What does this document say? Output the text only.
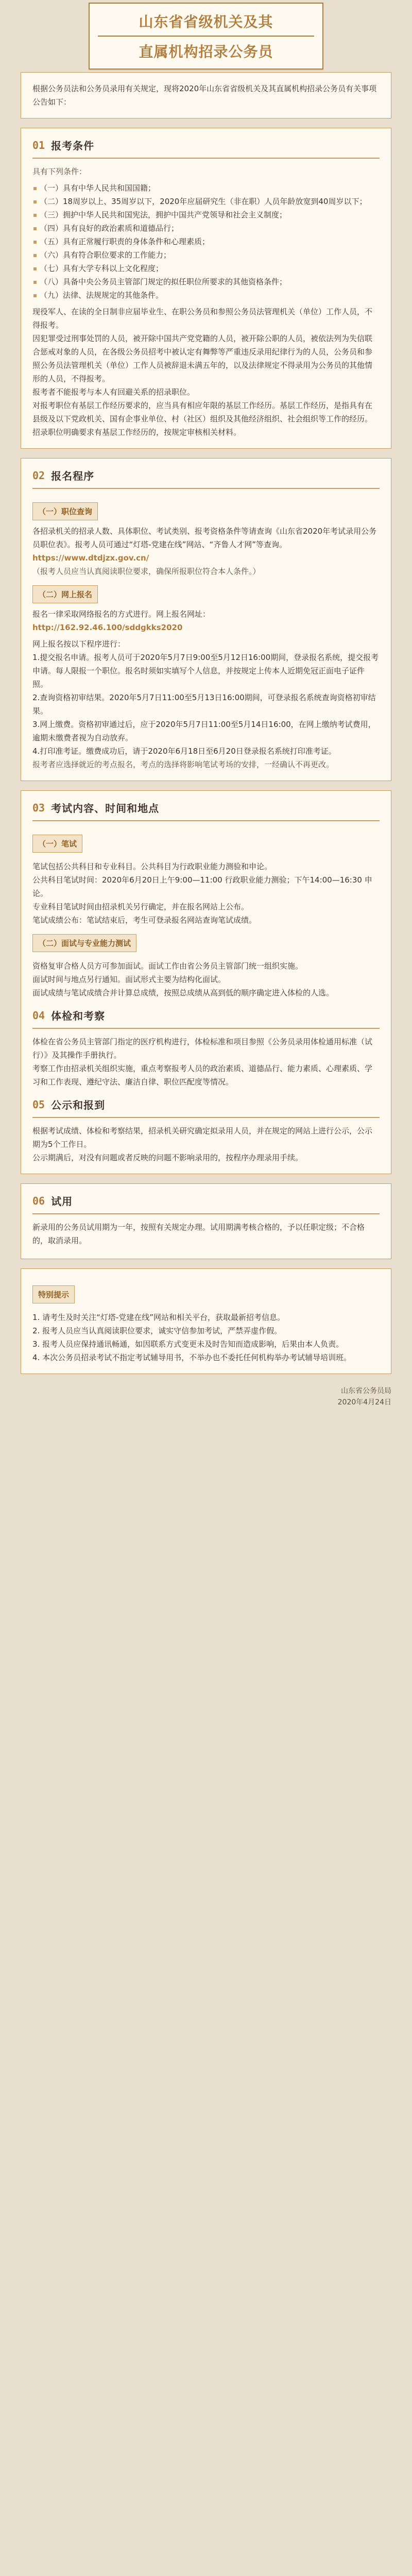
山东省省级机关及其
直属机构招录公务员
根据公务员法和公务员录用有关规定，现将2020年山东省省级机关及其直属机构招录公务员有关事项公告如下：
01 报考条件
具有下列条件：
（一）具有中华人民共和国国籍；
（二）18周岁以上、35周岁以下，2020年应届研究生（非在职）人员年龄放宽到40周岁以下；
（三）拥护中华人民共和国宪法，拥护中国共产党领导和社会主义制度；
（四）具有良好的政治素质和道德品行；
（五）具有正常履行职责的身体条件和心理素质；
（六）具有符合职位要求的工作能力；
（七）具有大学专科以上文化程度；
（八）具备中央公务员主管部门规定的拟任职位所要求的其他资格条件；
（九）法律、法规规定的其他条件。
现役军人、在读的全日制非应届毕业生、在职公务员和参照公务员法管理机关（单位）工作人员，不得报考。
因犯罪受过刑事处罚的人员，被开除中国共产党党籍的人员，被开除公职的人员，被依法列为失信联合惩戒对象的人员，在各级公务员招考中被认定有舞弊等严重违反录用纪律行为的人员，公务员和参照公务员法管理机关（单位）工作人员被辞退未满五年的，以及法律规定不得录用为公务员的其他情形的人员，不得报考。
报考者不能报考与本人有回避关系的招录职位。
对报考职位有基层工作经历要求的，应当具有相应年限的基层工作经历。基层工作经历，是指具有在县级及以下党政机关、国有企事业单位、村（社区）组织及其他经济组织、社会组织等工作的经历。
招录职位明确要求有基层工作经历的，按规定审核相关材料。
02 报名程序
（一）职位查询
各招录机关的招录人数、具体职位、考试类别、报考资格条件等请查询《山东省2020年考试录用公务员职位表》。报考人员可通过“灯塔-党建在线”网站、“齐鲁人才网”等查询。
https://www.dtdjzx.gov.cn/
（报考人员应当认真阅读职位要求，确保所报职位符合本人条件。）
（二）网上报名
报名一律采取网络报名的方式进行。网上报名网址：
http://162.92.46.100/sddgkks2020
网上报名按以下程序进行：
1.提交报名申请。报考人员可于2020年5月7日9:00至5月12日16:00期间，登录报名系统，提交报考申请。每人限报一个职位。报名时须如实填写个人信息，并按规定上传本人近期免冠正面电子证件照。
2.查询资格初审结果。2020年5月7日11:00至5月13日16:00期间，可登录报名系统查询资格初审结果。
3.网上缴费。资格初审通过后，应于2020年5月7日11:00至5月14日16:00，在网上缴纳考试费用，逾期未缴费者视为自动放弃。
4.打印准考证。缴费成功后，请于2020年6月18日至6月20日登录报名系统打印准考证。
报考者应选择就近的考点报名，考点的选择将影响笔试考场的安排，一经确认不再更改。
03 考试内容、时间和地点
（一）笔试
笔试包括公共科目和专业科目。公共科目为行政职业能力测验和申论。
公共科目笔试时间：2020年6月20日上午9:00—11:00 行政职业能力测验；下午14:00—16:30 申论。
专业科目笔试时间由招录机关另行确定，并在报名网站上公布。
笔试成绩公布：笔试结束后，考生可登录报名网站查询笔试成绩。
（二）面试与专业能力测试
资格复审合格人员方可参加面试。面试工作由省公务员主管部门统一组织实施。
面试时间与地点另行通知。面试形式主要为结构化面试。
面试成绩与笔试成绩合并计算总成绩，按照总成绩从高到低的顺序确定进入体检的人选。
04 体检和考察
体检在省公务员主管部门指定的医疗机构进行，体检标准和项目参照《公务员录用体检通用标准（试行）》及其操作手册执行。
考察工作由招录机关组织实施，重点考察报考人员的政治素质、道德品行、能力素质、心理素质、学习和工作表现、遵纪守法、廉洁自律、职位匹配度等情况。
05 公示和报到
根据考试成绩、体检和考察结果，招录机关研究确定拟录用人员，并在规定的网站上进行公示，公示期为5个工作日。
公示期满后，对没有问题或者反映的问题不影响录用的，按程序办理录用手续。
06 试用
新录用的公务员试用期为一年，按照有关规定办理。试用期满考核合格的，予以任职定级；不合格的，取消录用。
特别提示
1. 请考生及时关注“灯塔-党建在线”网站和相关平台，获取最新招考信息。
2. 报考人员应当认真阅读职位要求，诚实守信参加考试，严禁弄虚作假。
3. 报考人员应保持通讯畅通，如因联系方式变更未及时告知而造成影响，后果由本人负责。
4. 本次公务员招录考试不指定考试辅导用书，不举办也不委托任何机构举办考试辅导培训班。
山东省公务员局
2020年4月24日
